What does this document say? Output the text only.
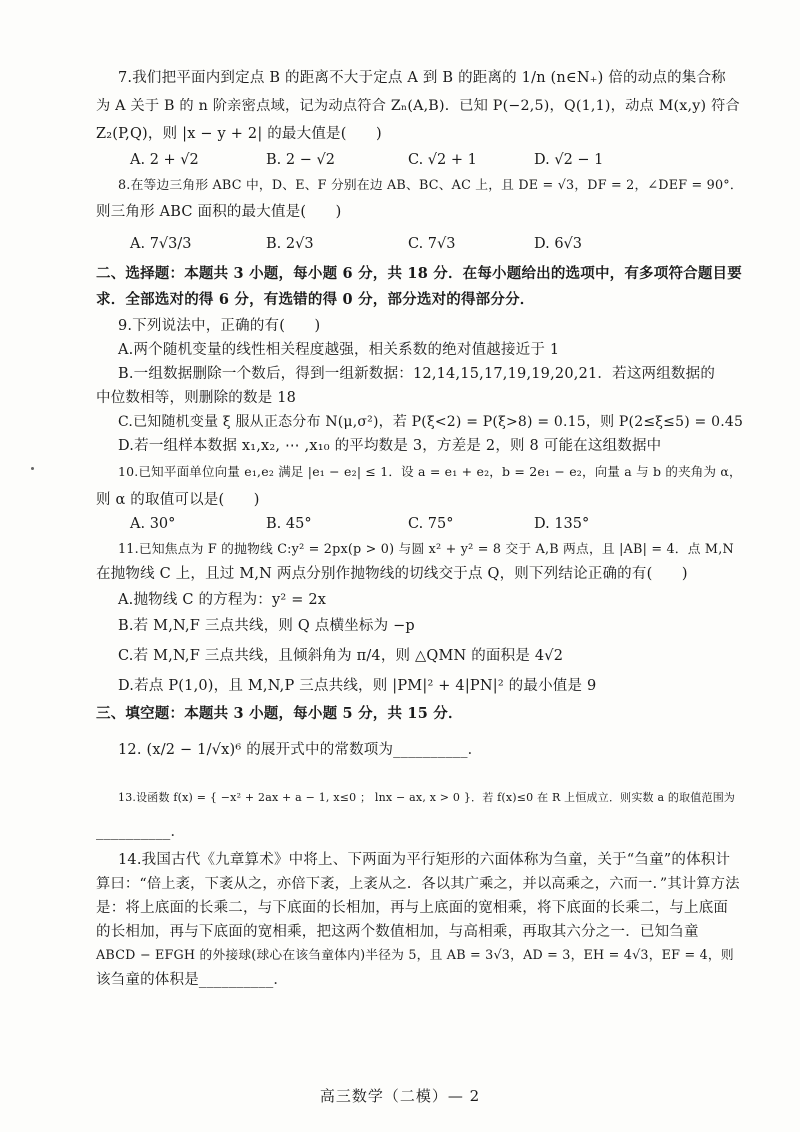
7.我们把平面内到定点 B 的距离不大于定点 A 到 B 的距离的 1/n (n∈N₊) 倍的动点的集合称
为 A 关于 B 的 n 阶亲密点域，记为动点符合 Zₙ(A,B)．已知 P(−2,5)，Q(1,1)，动点 M(x,y) 符合
Z₂(P,Q)，则 |x − y + 2| 的最大值是(　　)
A. 2 + √2	B. 2 − √2	C. √2 + 1	D. √2 − 1
8.在等边三角形 ABC 中，D、E、F 分别在边 AB、BC、AC 上，且 DE = √3，DF = 2，∠DEF = 90°．
则三角形 ABC 面积的最大值是(　　)
A. 7√3/3	B. 2√3	C. 7√3	D. 6√3
二、选择题：本题共 3 小题，每小题 6 分，共 18 分．在每小题给出的选项中，有多项符合题目要
求．全部选对的得 6 分，有选错的得 0 分，部分选对的得部分分．
9.下列说法中，正确的有(　　)
A.两个随机变量的线性相关程度越强，相关系数的绝对值越接近于 1
B.一组数据删除一个数后，得到一组新数据：12,14,15,17,19,19,20,21．若这两组数据的
中位数相等，则删除的数是 18
C.已知随机变量 ξ 服从正态分布 N(μ,σ²)，若 P(ξ<2) = P(ξ>8) = 0.15，则 P(2≤ξ≤5) = 0.45
D.若一组样本数据 x₁,x₂, ⋯ ,x₁₀ 的平均数是 3，方差是 2，则 8 可能在这组数据中
10.已知平面单位向量 e₁,e₂ 满足 |e₁ − e₂| ≤ 1．设 a = e₁ + e₂，b = 2e₁ − e₂，向量 a 与 b 的夹角为 α，
则 α 的取值可以是(　　)
A. 30°	B. 45°	C. 75°	D. 135°
11.已知焦点为 F 的抛物线 C:y² = 2px(p > 0) 与圆 x² + y² = 8 交于 A,B 两点，且 |AB| = 4．点 M,N
在抛物线 C 上，且过 M,N 两点分别作抛物线的切线交于点 Q，则下列结论正确的有(　　)
A.抛物线 C 的方程为：y² = 2x
B.若 M,N,F 三点共线，则 Q 点横坐标为 −p
C.若 M,N,F 三点共线，且倾斜角为 π/4，则 △QMN 的面积是 4√2
D.若点 P(1,0)，且 M,N,P 三点共线，则 |PM|² + 4|PN|² 的最小值是 9
三、填空题：本题共 3 小题，每小题 5 分，共 15 分．
12. (x/2 − 1/√x)⁶ 的展开式中的常数项为__________．
13.设函数 f(x) = { −x² + 2ax + a − 1, x≤0 ； lnx − ax, x > 0 }．若 f(x)≤0 在 R 上恒成立．则实数 a 的取值范围为
__________．
14.我国古代《九章算术》中将上、下两面为平行矩形的六面体称为刍童，关于“刍童”的体积计
算曰：“倍上袤，下袤从之，亦倍下袤，上袤从之．各以其广乘之，并以高乘之，六而一．”其计算方法
是：将上底面的长乘二，与下底面的长相加，再与上底面的宽相乘，将下底面的长乘二，与上底面
的长相加，再与下底面的宽相乘，把这两个数值相加，与高相乘，再取其六分之一．已知刍童
ABCD − EFGH 的外接球(球心在该刍童体内)半径为 5，且 AB = 3√3，AD = 3，EH = 4√3，EF = 4，则
该刍童的体积是__________．
高三数学（二模）— 2
